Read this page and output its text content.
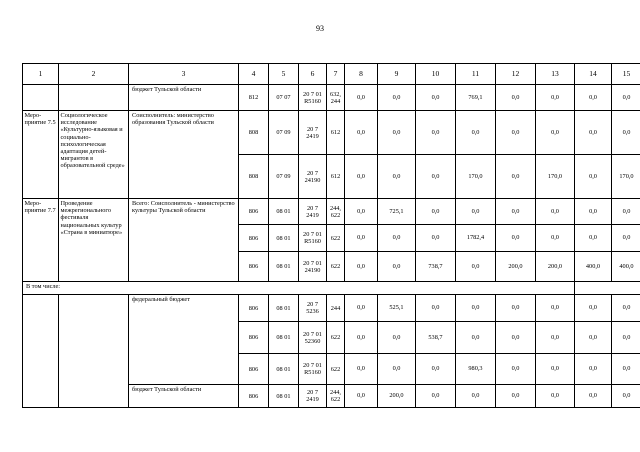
93
1	2	3	4	5	6	7	8	9	10	11	12	13	14	15
		бюджет Тульской области	812	07 07	20 7 01 R5160	632, 244	0,0	0,0	0,0	769,1	0,0	0,0	0,0	0,0
Меро-приятие 7.5	Социологическое исследование «Культурно-языковая и социально-психологическая адаптация детей-мигрантов в образовательной среде»	Соисполнитель: министерство образования Тульской области	808	07 09	20 7 2419	612	0,0	0,0	0,0	0,0	0,0	0,0	0,0	0,0
			808	07 09	20 7 24190	612	0,0	0,0	0,0	170,0	0,0	170,0	0,0	170,0
Меро-приятие 7.7	Проведение межрегионального фестиваля национальных культур «Страна в миниатюре»	Всего: Соисполнитель - министерство культуры Тульской области	806	08 01	20 7 2419	244, 622	0,0	725,1	0,0	0,0	0,0	0,0	0,0	0,0
			806	08 01	20 7 01 R5160	622	0,0	0,0	0,0	1782,4	0,0	0,0	0,0	0,0
			806	08 01	20 7 01 24190	622	0,0	0,0	738,7	0,0	200,0	200,0	400,0	400,0
В том числе:														
		федеральный бюджет	806	08 01	20 7 5236	244	0,0	525,1	0,0	0,0	0,0	0,0	0,0	0,0
			806	08 01	20 7 01 52360	622	0,0	0,0	538,7	0,0	0,0	0,0	0,0	0,0
			806	08 01	20 7 01 R5160	622	0,0	0,0	0,0	980,3	0,0	0,0	0,0	0,0
		бюджет Тульской области	806	08 01	20 7 2419	244, 622	0,0	200,0	0,0	0,0	0,0	0,0	0,0	0,0
